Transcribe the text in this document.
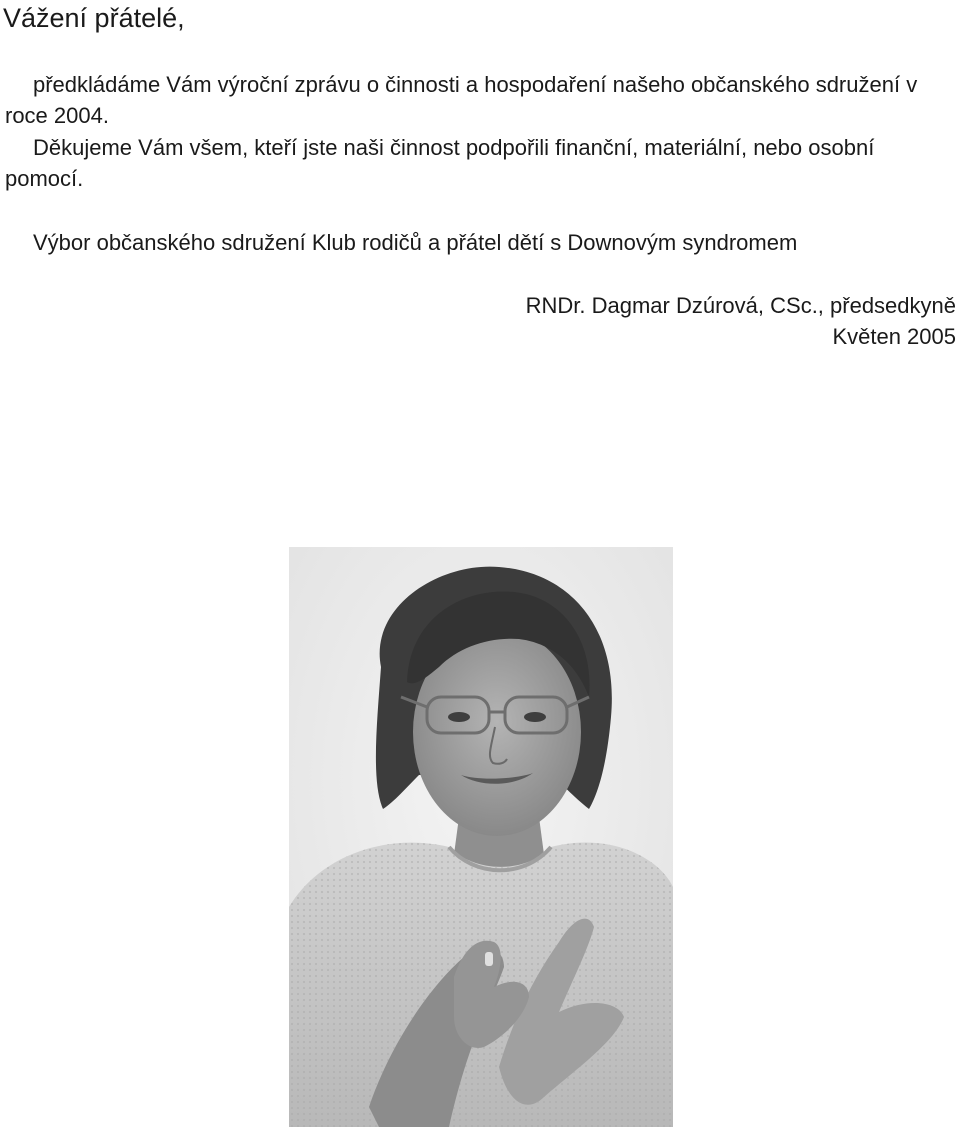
Vážení přátelé,

předkládáme Vám výroční zprávu o činnosti a hospodaření našeho občanského sdružení v roce 2004.

Děkujeme Vám všem, kteří jste naši činnost podpořili finanční, materiální, nebo osobní pomocí.

Výbor občanského sdružení Klub rodičů a přátel dětí s Downovým syndromem

RNDr. Dagmar Dzúrová, CSc., předsedkyně

Květen 2005
